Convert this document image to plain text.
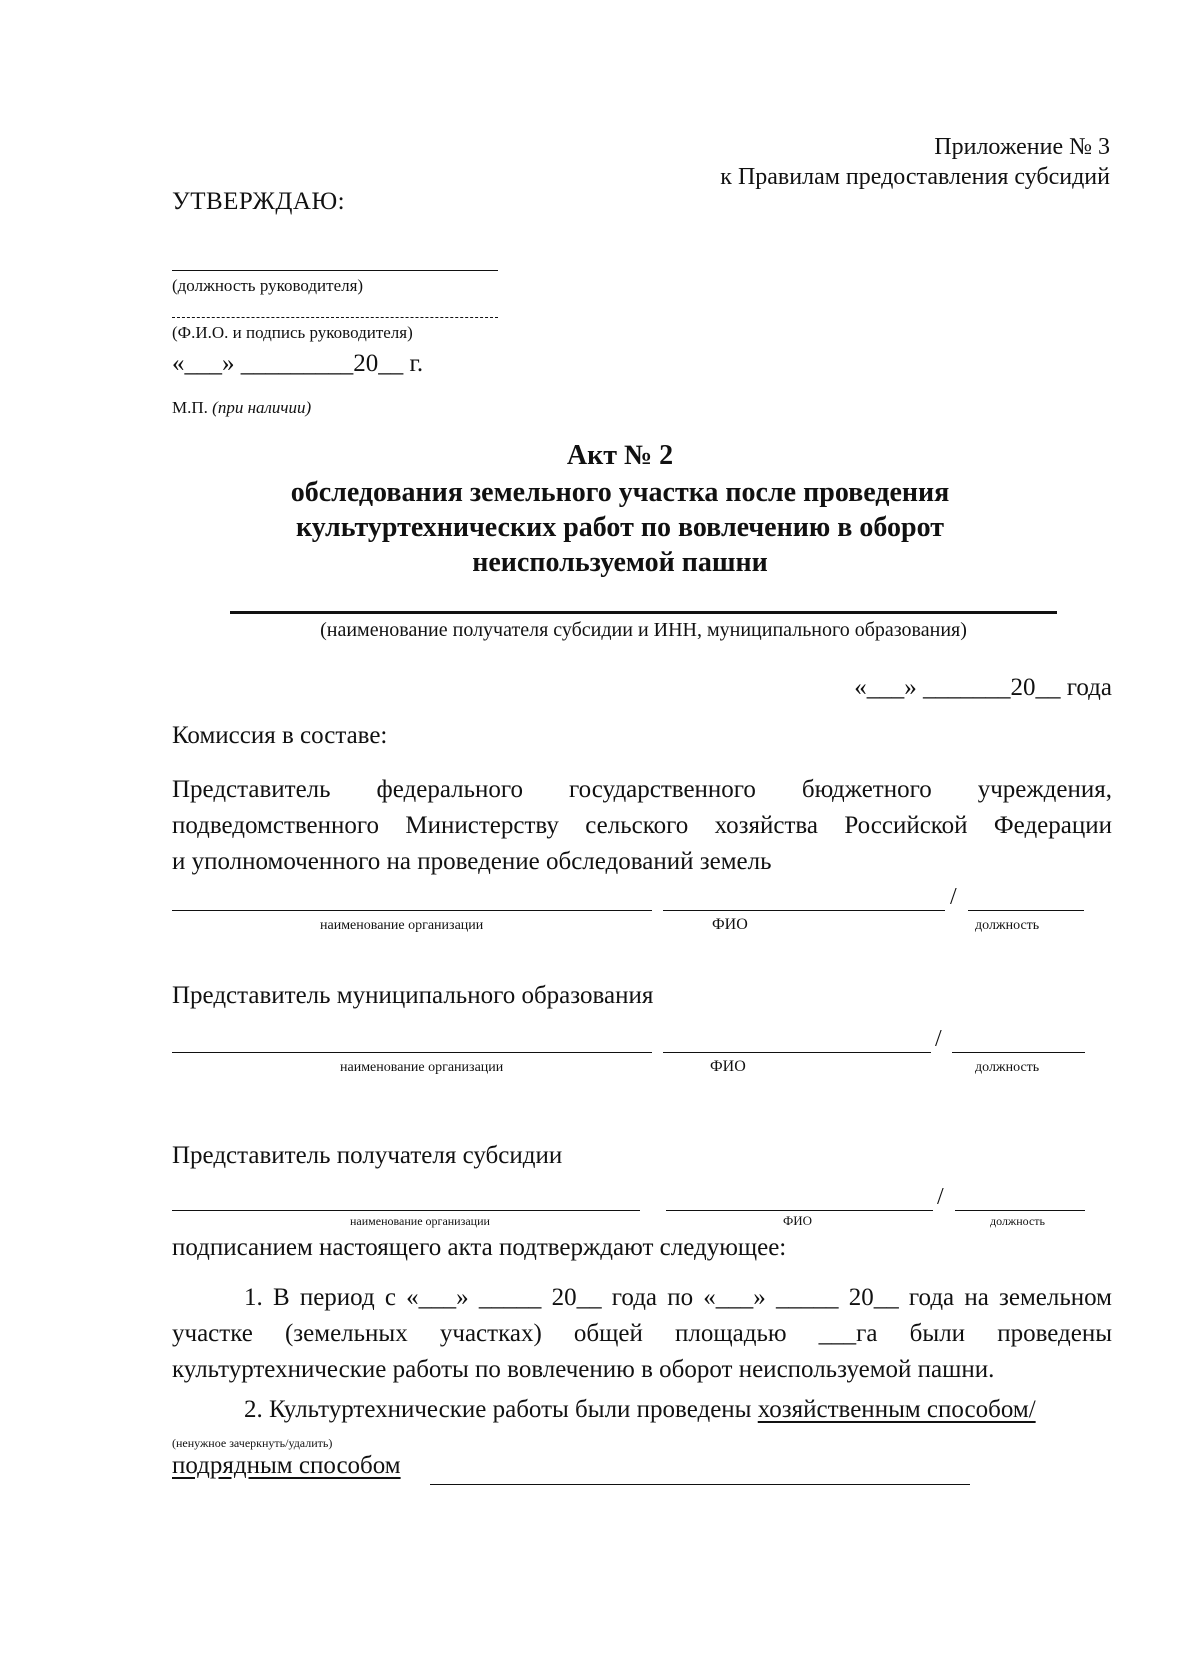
Приложение № 3
к Правилам предоставления субсидий
УТВЕРЖДАЮ:
(должность руководителя)
(Ф.И.О. и подпись руководителя)
«___» _________20__ г.
М.П. (при наличии)
Акт № 2
обследования земельного участка после проведения
культуртехнических работ по вовлечению в оборот
неиспользуемой пашни
(наименование получателя субсидии и ИНН, муниципального образования)
«___» _______20__ года
Комиссия в составе:
Представитель федерального государственного бюджетного учреждения,
подведомственного Министерству сельского хозяйства Российской Федерации
и уполномоченного на проведение обследований земель
/
наименование организации	ФИО	должность
Представитель муниципального образования
/
наименование организации	ФИО	должность
Представитель получателя субсидии
/
наименование организации	ФИО	должность
подписанием настоящего акта подтверждают следующее:
1. В период с «___» _____ 20__ года по «___» _____ 20__ года на земельном
участке (земельных участках) общей площадью ___га были проведены
культуртехнические работы по вовлечению в оборот неиспользуемой пашни.
2. Культуртехнические работы были проведены хозяйственным способом/
(ненужное зачеркнуть/удалить)
подрядным способом
